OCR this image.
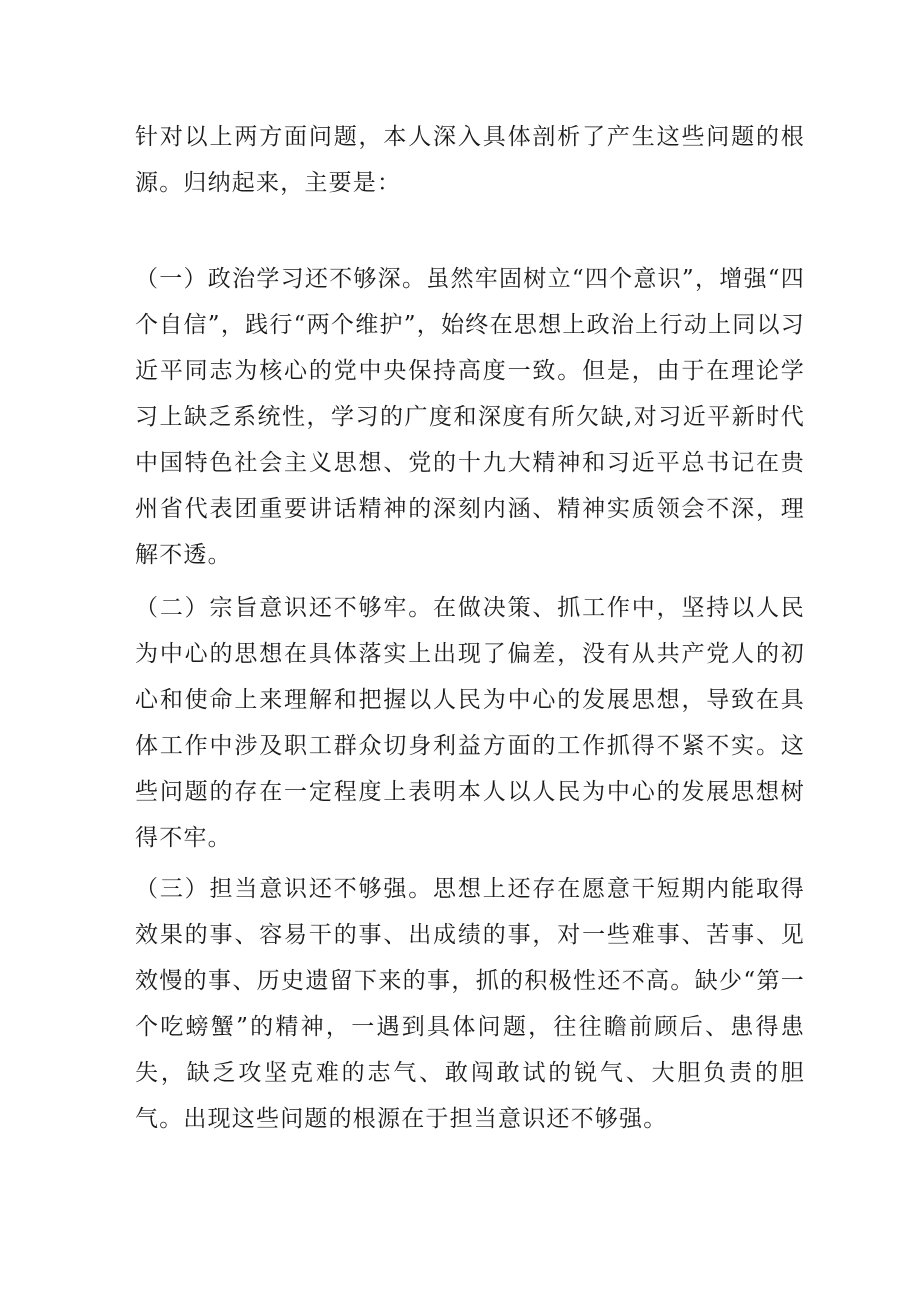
针对以上两方面问题，本人深入具体剖析了产生这些问题的根源。归纳起来，主要是：

（一）政治学习还不够深。虽然牢固树立“四个意识”，增强“四个自信”，践行“两个维护”，始终在思想上政治上行动上同以习近平同志为核心的党中央保持高度一致。但是，由于在理论学习上缺乏系统性，学习的广度和深度有所欠缺,对习近平新时代中国特色社会主义思想、党的十九大精神和习近平总书记在贵州省代表团重要讲话精神的深刻内涵、精神实质领会不深，理解不透。

（二）宗旨意识还不够牢。在做决策、抓工作中，坚持以人民为中心的思想在具体落实上出现了偏差，没有从共产党人的初心和使命上来理解和把握以人民为中心的发展思想，导致在具体工作中涉及职工群众切身利益方面的工作抓得不紧不实。这些问题的存在一定程度上表明本人以人民为中心的发展思想树得不牢。

（三）担当意识还不够强。思想上还存在愿意干短期内能取得效果的事、容易干的事、出成绩的事，对一些难事、苦事、见效慢的事、历史遗留下来的事，抓的积极性还不高。缺少“第一个吃螃蟹”的精神，一遇到具体问题，往往瞻前顾后、患得患失，缺乏攻坚克难的志气、敢闯敢试的锐气、大胆负责的胆气。出现这些问题的根源在于担当意识还不够强。
